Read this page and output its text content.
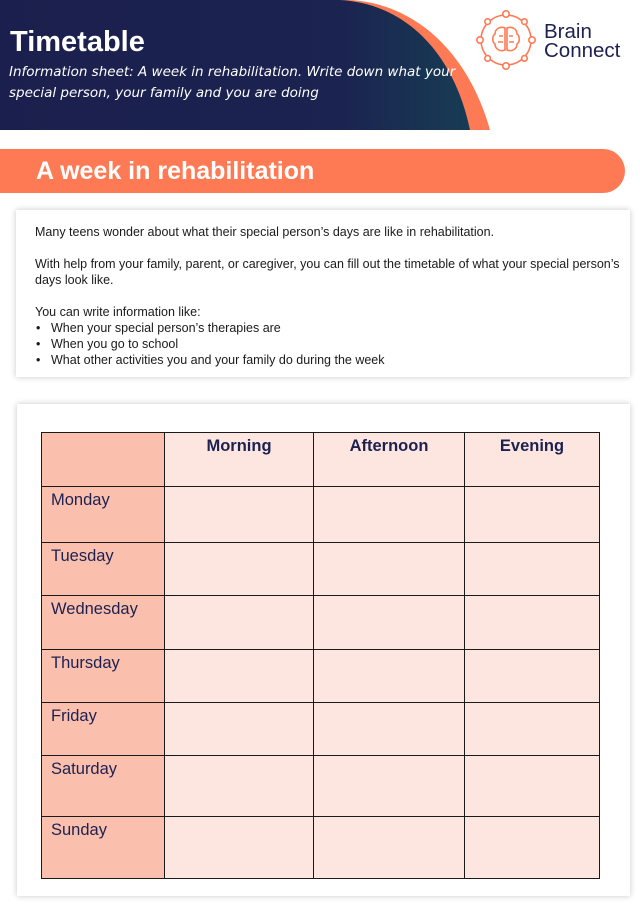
Timetable

Information sheet: A week in rehabilitation. Write down what your special person, your family and you are doing

Brain
Connect
A week in rehabilitation

Many teens wonder about what their special person’s days are like in rehabilitation.

With help from your family, parent, or caregiver, you can fill out the timetable of what your special person’s days look like.

You can write information like:

• When your special person’s therapies are
• When you go to school
• What other activities you and your family do during the week
	Morning	Afternoon	Evening
Monday			
Tuesday			
Wednesday			
Thursday			
Friday			
Saturday			
Sunday			
